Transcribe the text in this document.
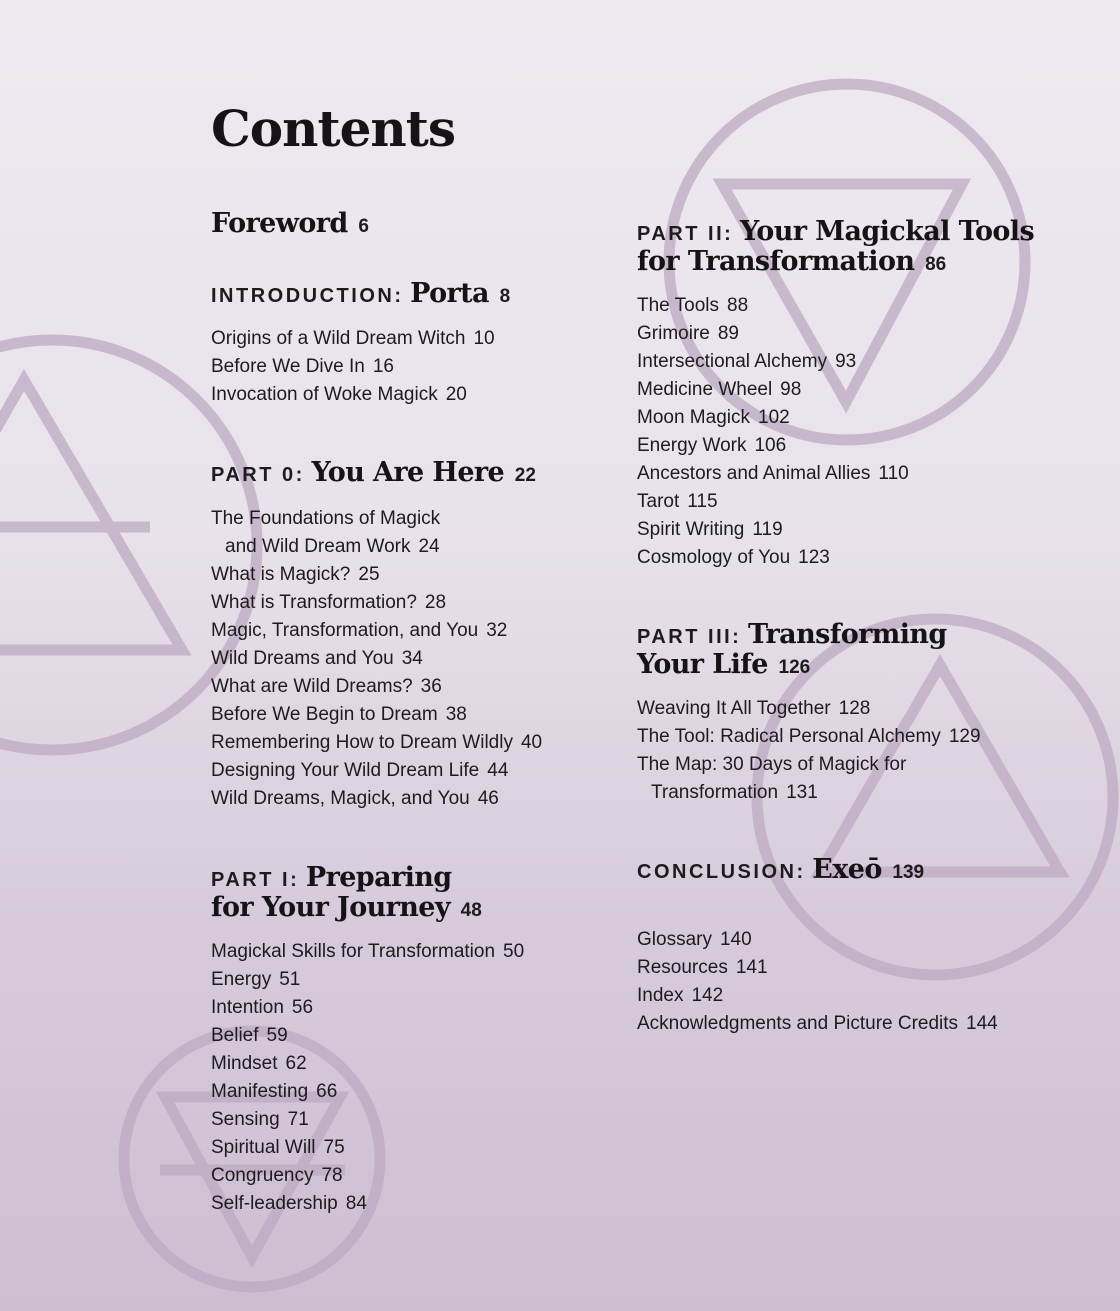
Contents
Foreword 6
INTRODUCTION: Porta 8
Origins of a Wild Dream Witch 10
Before We Dive In 16
Invocation of Woke Magick 20
PART 0: You Are Here 22
The Foundations of Magick
and Wild Dream Work 24
What is Magick? 25
What is Transformation? 28
Magic, Transformation, and You 32
Wild Dreams and You 34
What are Wild Dreams? 36
Before We Begin to Dream 38
Remembering How to Dream Wildly 40
Designing Your Wild Dream Life 44
Wild Dreams, Magick, and You 46
PART I: Preparing
for Your Journey 48
Magickal Skills for Transformation 50
Energy 51
Intention 56
Belief 59
Mindset 62
Manifesting 66
Sensing 71
Spiritual Will 75
Congruency 78
Self-leadership 84
PART II: Your Magickal Tools
for Transformation 86
The Tools 88
Grimoire 89
Intersectional Alchemy 93
Medicine Wheel 98
Moon Magick 102
Energy Work 106
Ancestors and Animal Allies 110
Tarot 115
Spirit Writing 119
Cosmology of You 123
PART III: Transforming
Your Life 126
Weaving It All Together 128
The Tool: Radical Personal Alchemy 129
The Map: 30 Days of Magick for
Transformation 131
CONCLUSION: Exeō 139
Glossary 140
Resources 141
Index 142
Acknowledgments and Picture Credits 144
